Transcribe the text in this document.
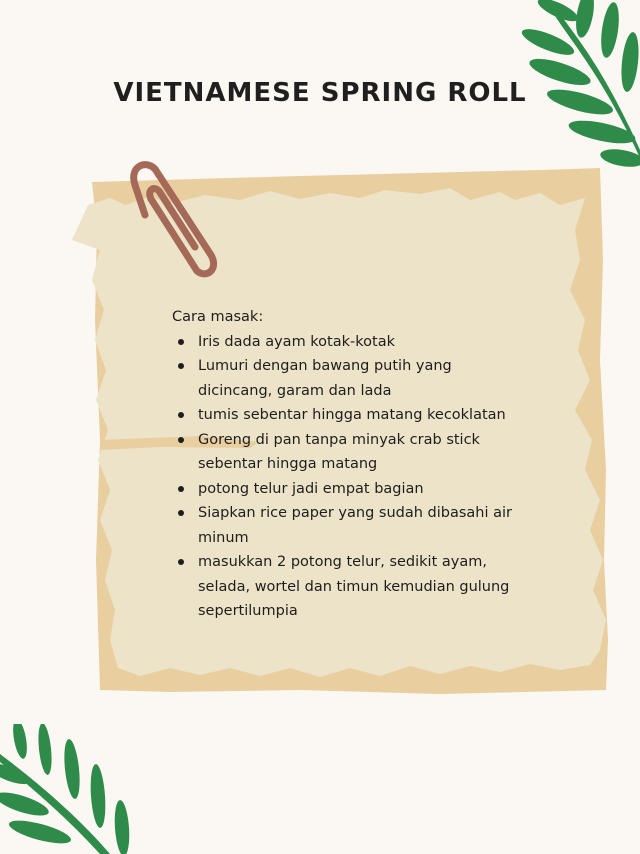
VIETNAMESE SPRING ROLL

Cara masak:

Iris dada ayam kotak-kotak
Lumuri dengan bawang putih yang dicincang, garam dan lada
tumis sebentar hingga matang kecoklatan
Goreng di pan tanpa minyak crab stick sebentar hingga matang
potong telur jadi empat bagian
Siapkan rice paper yang sudah dibasahi air minum
masukkan 2 potong telur, sedikit ayam, selada, wortel dan timun kemudian gulung sepertilumpia
